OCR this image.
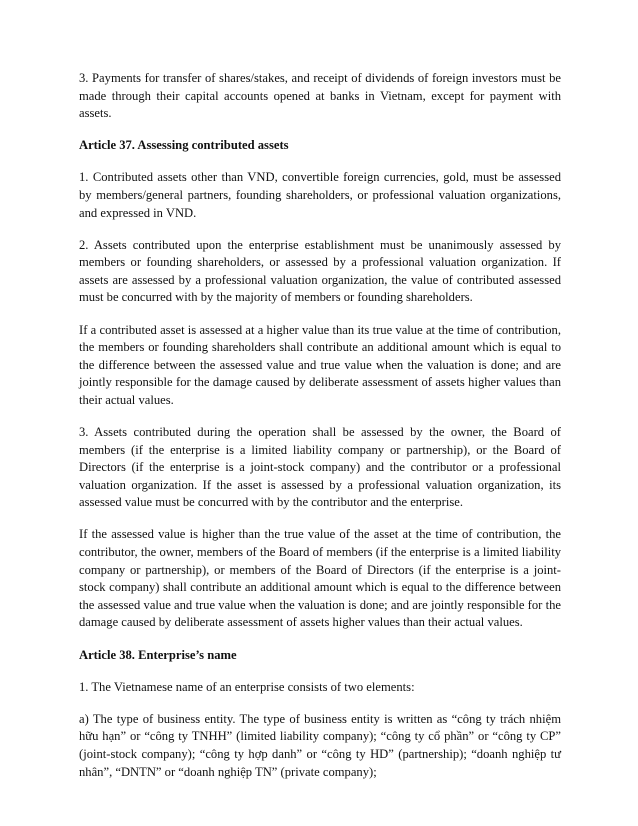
3. Payments for transfer of shares/stakes, and receipt of dividends of foreign investors must be made through their capital accounts opened at banks in Vietnam, except for payment with assets.

Article 37. Assessing contributed assets

1. Contributed assets other than VND, convertible foreign currencies, gold, must be assessed by members/general partners, founding shareholders, or professional valuation organizations, and expressed in VND.

2. Assets contributed upon the enterprise establishment must be unanimously assessed by members or founding shareholders, or assessed by a professional valuation organization. If assets are assessed by a professional valuation organization, the value of contributed assessed must be concurred with by the majority of members or founding shareholders.

If a contributed asset is assessed at a higher value than its true value at the time of contribution, the members or founding shareholders shall contribute an additional amount which is equal to the difference between the assessed value and true value when the valuation is done; and are jointly responsible for the damage caused by deliberate assessment of assets higher values than their actual values.

3. Assets contributed during the operation shall be assessed by the owner, the Board of members (if the enterprise is a limited liability company or partnership), or the Board of Directors (if the enterprise is a joint-stock company) and the contributor or a professional valuation organization. If the asset is assessed by a professional valuation organization, its assessed value must be concurred with by the contributor and the enterprise.

If the assessed value is higher than the true value of the asset at the time of contribution, the contributor, the owner, members of the Board of members (if the enterprise is a limited liability company or partnership), or members of the Board of Directors (if the enterprise is a joint-stock company) shall contribute an additional amount which is equal to the difference between the assessed value and true value when the valuation is done; and are jointly responsible for the damage caused by deliberate assessment of assets higher values than their actual values.

Article 38. Enterprise’s name

1. The Vietnamese name of an enterprise consists of two elements:

a) The type of business entity. The type of business entity is written as “công ty trách nhiệm hữu hạn” or “công ty TNHH” (limited liability company); “công ty cổ phần” or “công ty CP” (joint-stock company); “công ty hợp danh” or “công ty HD” (partnership); “doanh nghiệp tư nhân”, “DNTN” or “doanh nghiệp TN” (private company);
